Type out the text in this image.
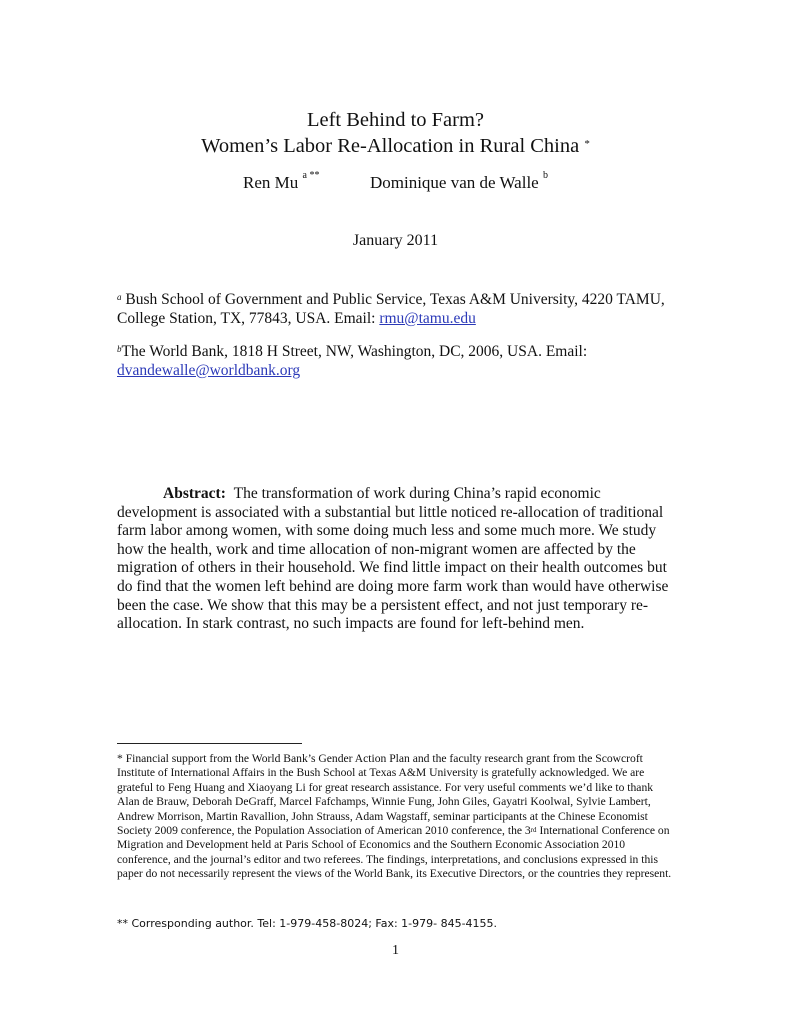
Left Behind to Farm?
Women’s Labor Re-Allocation in Rural China *
Ren Mu $^{a **}$	Dominique van de Walle $^b$
January 2011
$^a$ Bush School of Government and Public Service, Texas A&M University, 4220 TAMU, College Station, TX, 77843, USA. Email: rmu@tamu.edu
$^b$The World Bank, 1818 H Street, NW, Washington, DC, 2006, USA. Email: dvandewalle@worldbank.org
Abstract: The transformation of work during China’s rapid economic development is associated with a substantial but little noticed re-allocation of traditional farm labor among women, with some doing much less and some much more. We study how the health, work and time allocation of non-migrant women are affected by the migration of others in their household. We find little impact on their health outcomes but do find that the women left behind are doing more farm work than would have otherwise been the case. We show that this may be a persistent effect, and not just temporary re-allocation. In stark contrast, no such impacts are found for left-behind men.
* Financial support from the World Bank’s Gender Action Plan and the faculty research grant from the Scowcroft Institute of International Affairs in the Bush School at Texas A&M University is gratefully acknowledged. We are grateful to Feng Huang and Xiaoyang Li for great research assistance. For very useful comments we’d like to thank Alan de Brauw, Deborah DeGraff, Marcel Fafchamps, Winnie Fung, John Giles, Gayatri Koolwal, Sylvie Lambert, Andrew Morrison, Martin Ravallion, John Strauss, Adam Wagstaff, seminar participants at the Chinese Economist Society 2009 conference, the Population Association of American 2010 conference, the 3rd International Conference on Migration and Development held at Paris School of Economics and the Southern Economic Association 2010 conference, and the journal’s editor and two referees. The findings, interpretations, and conclusions expressed in this paper do not necessarily represent the views of the World Bank, its Executive Directors, or the countries they represent.
** Corresponding author. Tel: 1-979-458-8024; Fax: 1-979- 845-4155.
1
